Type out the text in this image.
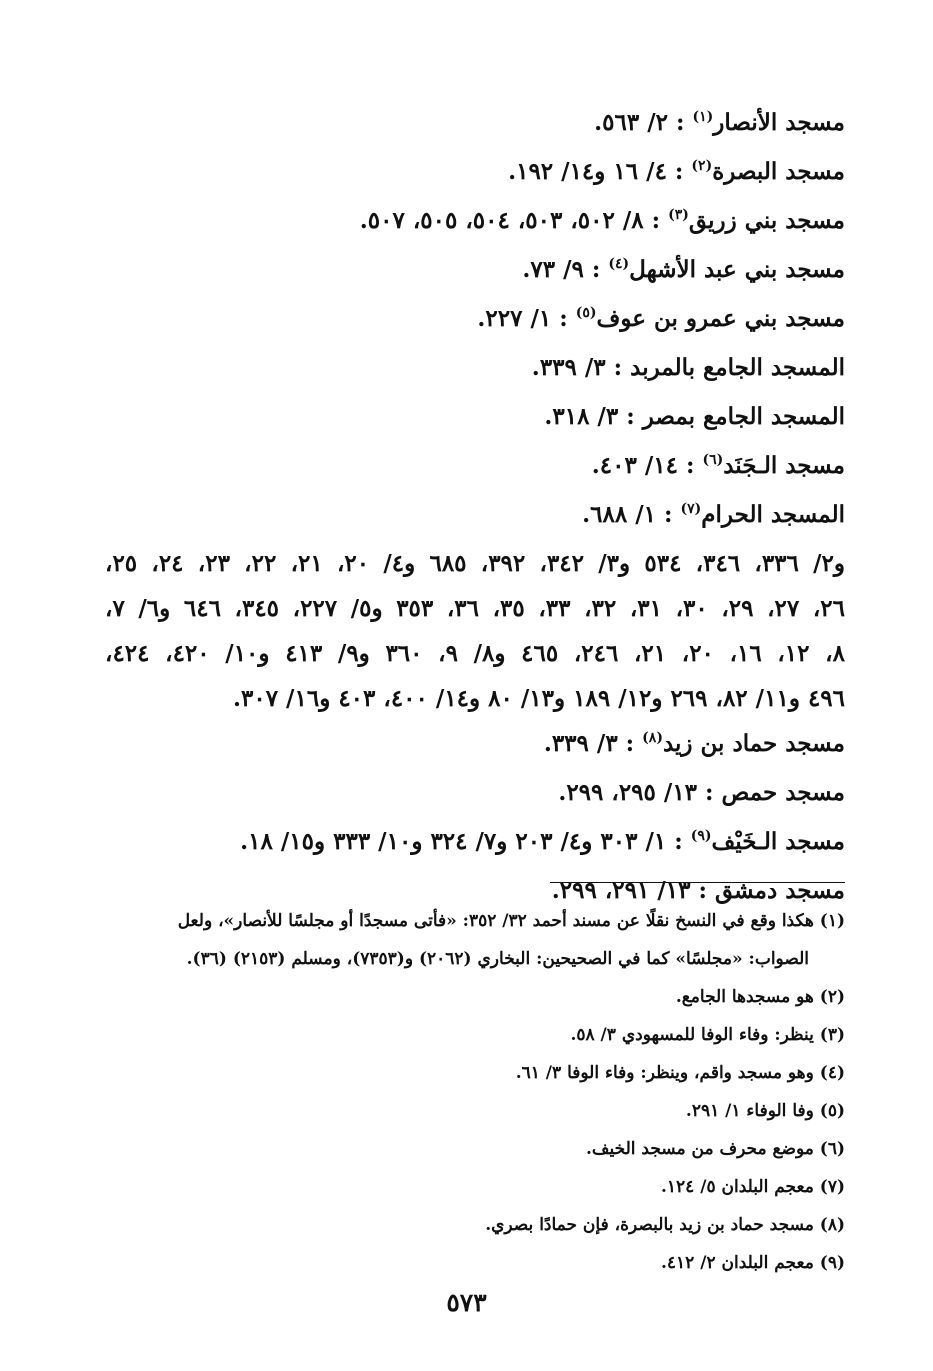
مسجد الأنصار$^{(١)}$: ٢/ ٥٦٣.
مسجد البصرة$^{(٢)}$: ٤/ ١٦ و١٤/ ١٩٢.
مسجد بني زريق$^{(٣)}$: ٨/ ٥٠٢، ٥٠٣، ٥٠٤، ٥٠٥، ٥٠٧.
مسجد بني عبد الأشهل$^{(٤)}$: ٩/ ٧٣.
مسجد بني عمرو بن عوف$^{(٥)}$: ١/ ٢٢٧.
المسجد الجامع بالمربد: ٣/ ٣٣٩.
المسجد الجامع بمصر: ٣/ ٣١٨.
مسجد الـجَنَد$^{(٦)}$: ١٤/ ٤٠٣.
المسجد الحرام$^{(٧)}$: ١/ ٦٨٨.
و٢/ ٣٣٦، ٣٤٦، ٥٣٤ و٣/ ٣٤٢، ٣٩٢، ٦٨٥ و٤/ ٢٠، ٢١، ٢٢، ٢٣، ٢٤، ٢٥،
٢٦، ٢٧، ٢٩، ٣٠، ٣١، ٣٢، ٣٣، ٣٥، ٣٦، ٣٥٣ و٥/ ٢٢٧، ٣٤٥، ٦٤٦ و٦/ ٧،
٨، ١٢، ١٦، ٢٠، ٢١، ٢٤٦، ٤٦٥ و٨/ ٩، ٣٦٠ و٩/ ٤١٣ و١٠/ ٤٢٠، ٤٢٤،
٤٩٦ و١١/ ٨٢، ٢٦٩ و١٢/ ١٨٩ و١٣/ ٨٠ و١٤/ ٤٠٠، ٤٠٣ و١٦/ ٣٠٧.
مسجد حماد بن زيد$^{(٨)}$: ٣/ ٣٣٩.
مسجد حمص: ١٣/ ٢٩٥، ٢٩٩.
مسجد الـخَيْف$^{(٩)}$: ١/ ٣٠٣ و٤/ ٢٠٣ و٧/ ٣٢٤ و١٠/ ٣٣٣ و١٥/ ١٨.
مسجد دمشق: ١٣/ ٢٩١، ٢٩٩.
(١) هكذا وقع في النسخ نقلًا عن مسند أحمد ٣٢/ ٣٥٢: «فأتى مسجدًا أو مجلسًا للأنصار»، ولعل
الصواب: «مجلسًا» كما في الصحيحين: البخاري (٢٠٦٢) و(٧٣٥٣)، ومسلم (٢١٥٣) (٣٦).
(٢) هو مسجدها الجامع.
(٣) ينظر: وفاء الوفا للمسهودي ٣/ ٥٨.
(٤) وهو مسجد واقم، وينظر: وفاء الوفا ٣/ ٦١.
(٥) وفا الوفاء ١/ ٢٩١.
(٦) موضع محرف من مسجد الخيف.
(٧) معجم البلدان ٥/ ١٢٤.
(٨) مسجد حماد بن زيد بالبصرة، فإن حمادًا بصري.
(٩) معجم البلدان ٢/ ٤١٢.
٥٧٣
